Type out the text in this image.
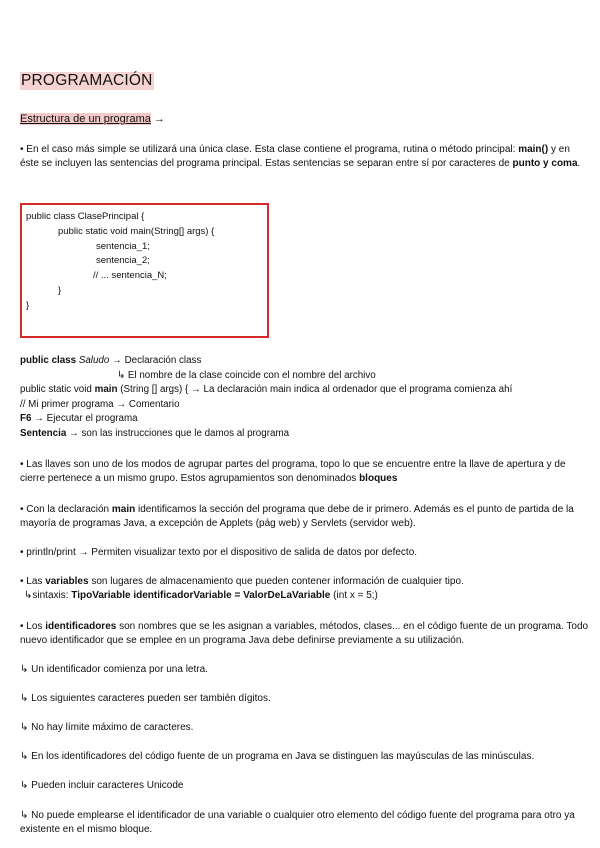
PROGRAMACIÓN
Estructura de un programa →

• En el caso más simple se utilizará una única clase. Esta clase contiene el programa, rutina o método principal: main() y en éste se incluyen las sentencias del programa principal. Estas sentencias se separan entre sí por caracteres de punto y coma.

public class ClasePrincipal {
public static void main(String[] args) {
sentencia_1;
sentencia_2;
// ... sentencia_N;
}
}
public class Saludo → Declaración class
↳ El nombre de la clase coincide con el nombre del archivo
public static void main (String [] args) { → La declaración main indica al ordenador que el programa comienza ahí
// Mi primer programa → Comentario
F6 → Ejecutar el programa
Sentencia → son las instrucciones que le damos al programa

• Las llaves son uno de los modos de agrupar partes del programa, topo lo que se encuentre entre la llave de apertura y de cierre pertenece a un mismo grupo. Estos agrupamientos son denominados bloques

• Con la declaración main identificamos la sección del programa que debe de ir primero. Además es el punto de partida de la mayoría de programas Java, a excepción de Applets (pág web) y Servlets (servidor web).

• println/print → Permiten visualizar texto por el dispositivo de salida de datos por defecto.

• Las variables son lugares de almacenamiento que pueden contener información de cualquier tipo.
↳sintaxis: TipoVariable identificadorVariable = ValorDeLaVariable (int x = 5;)

• Los identificadores son nombres que se les asignan a variables, métodos, clases... en el código fuente de un programa. Todo nuevo identificador que se emplee en un programa Java debe definirse previamente a su utilización.

↳ Un identificador comienza por una letra.

↳ Los siguientes caracteres pueden ser también dígitos.

↳ No hay límite máximo de caracteres.

↳ En los identificadores del código fuente de un programa en Java se distinguen las mayúsculas de las minúsculas.

↳ Pueden incluir caracteres Unicode

↳ No puede emplearse el identificador de una variable o cualquier otro elemento del código fuente del programa para otro ya existente en el mismo bloque.
